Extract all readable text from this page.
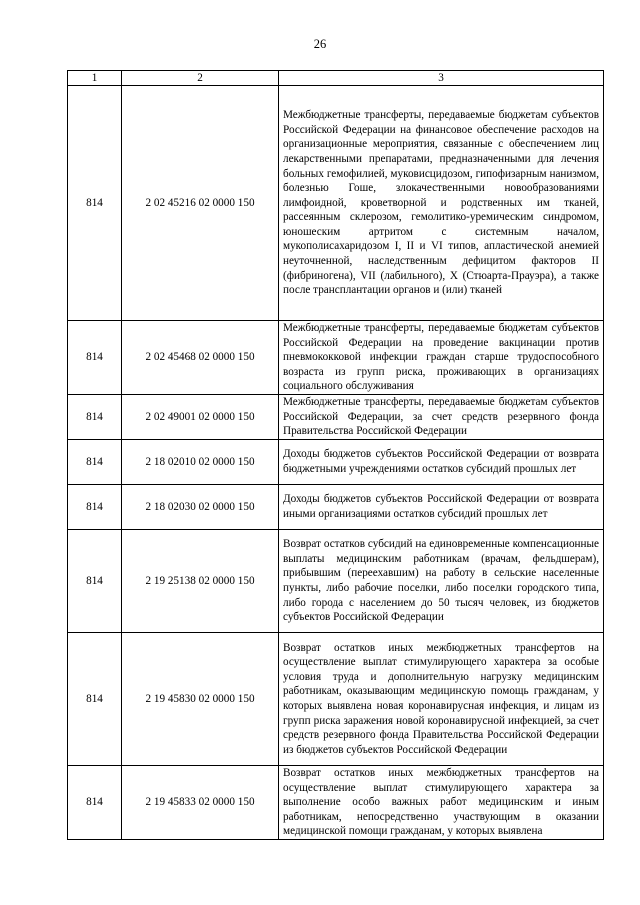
26
1	2	3
814	2 02 45216 02 0000 150	Межбюджетные трансферты, передаваемые бюджетам субъектов Российской Федерации на финансовое обеспечение расходов на организационные мероприятия, связанные с обеспечением лиц лекарственными препаратами, предназначенными для лечения больных гемофилией, муковисцидозом, гипофизарным нанизмом, болезнью Гоше, злокачественными новообразованиями лимфоидной, кроветворной и родственных им тканей, рассеянным склерозом, гемолитико-уремическим синдромом, юношеским артритом с системным началом, мукополисахаридозом I, II и VI типов, апластической анемией неуточненной, наследственным дефицитом факторов II (фибриногена), VII (лабильного), X (Стюарта-Прауэра), а также после трансплантации органов и (или) тканей
814	2 02 45468 02 0000 150	Межбюджетные трансферты, передаваемые бюджетам субъектов Российской Федерации на проведение вакцинации против пневмококковой инфекции граждан старше трудоспособного возраста из групп риска, проживающих в организациях социального обслуживания
814	2 02 49001 02 0000 150	Межбюджетные трансферты, передаваемые бюджетам субъектов Российской Федерации, за счет средств резервного фонда Правительства Российской Федерации
814	2 18 02010 02 0000 150	Доходы бюджетов субъектов Российской Федерации от возврата бюджетными учреждениями остатков субсидий прошлых лет
814	2 18 02030 02 0000 150	Доходы бюджетов субъектов Российской Федерации от возврата иными организациями остатков субсидий прошлых лет
814	2 19 25138 02 0000 150	Возврат остатков субсидий на единовременные компенсационные выплаты медицинским работникам (врачам, фельдшерам), прибывшим (переехавшим) на работу в сельские населенные пункты, либо рабочие поселки, либо поселки городского типа, либо города с населением до 50 тысяч человек, из бюджетов субъектов Российской Федерации
814	2 19 45830 02 0000 150	Возврат остатков иных межбюджетных трансфертов на осуществление выплат стимулирующего характера за особые условия труда и дополнительную нагрузку медицинским работникам, оказывающим медицинскую помощь гражданам, у которых выявлена новая коронавирусная инфекция, и лицам из групп риска заражения новой коронавирусной инфекцией, за счет средств резервного фонда Правительства Российской Федерации из бюджетов субъектов Российской Федерации
814	2 19 45833 02 0000 150	Возврат остатков иных межбюджетных трансфертов на осуществление выплат стимулирующего характера за выполнение особо важных работ медицинским и иным работникам, непосредственно участвующим в оказании медицинской помощи гражданам, у которых выявлена
